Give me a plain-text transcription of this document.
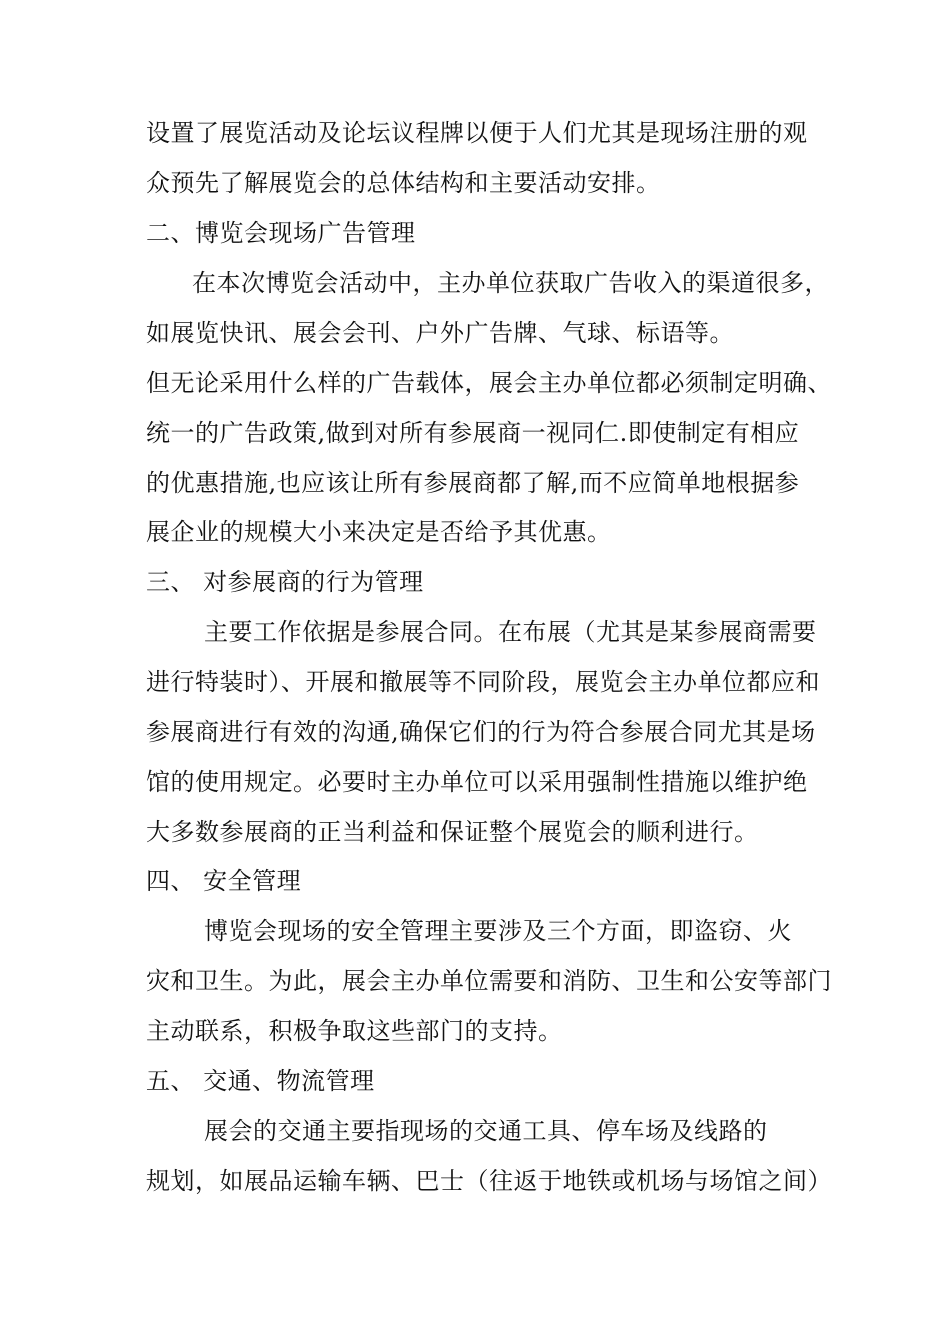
设置了展览活动及论坛议程牌以便于人们尤其是现场注册的观
众预先了解展览会的总体结构和主要活动安排。
二、博览会现场广告管理
在本次博览会活动中，主办单位获取广告收入的渠道很多，
如展览快讯、展会会刊、户外广告牌、气球、标语等。
但无论采用什么样的广告载体，展会主办单位都必须制定明确、
统一的广告政策,做到对所有参展商一视同仁.即使制定有相应
的优惠措施,也应该让所有参展商都了解,而不应简单地根据参
展企业的规模大小来决定是否给予其优惠。
三、 对参展商的行为管理
主要工作依据是参展合同。在布展（尤其是某参展商需要
进行特装时）、开展和撤展等不同阶段，展览会主办单位都应和
参展商进行有效的沟通,确保它们的行为符合参展合同尤其是场
馆的使用规定。必要时主办单位可以采用强制性措施以维护绝
大多数参展商的正当利益和保证整个展览会的顺利进行。
四、 安全管理
博览会现场的安全管理主要涉及三个方面，即盗窃、火
灾和卫生。为此，展会主办单位需要和消防、卫生和公安等部门
主动联系，积极争取这些部门的支持。
五、 交通、物流管理
展会的交通主要指现场的交通工具、停车场及线路的
规划，如展品运输车辆、巴士（往返于地铁或机场与场馆之间）
